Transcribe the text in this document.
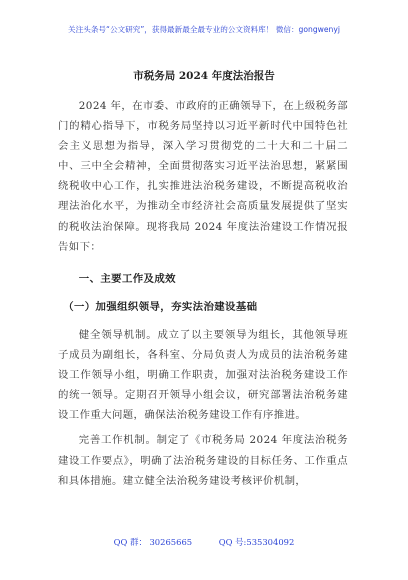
关注头条号“公文研究”，获得最新最全最专业的公文资料库！ 微信：gongwenyj
市税务局 2024 年度法治报告

2024 年，在市委、市政府的正确领导下，在上级税务部门的精心指导下，市税务局坚持以习近平新时代中国特色社会主义思想为指导，深入学习贯彻党的二十大和二十届二中、三中全会精神，全面贯彻落实习近平法治思想，紧紧围绕税收中心工作，扎实推进法治税务建设，不断提高税收治理法治化水平，为推动全市经济社会高质量发展提供了坚实的税收法治保障。现将我局 2024 年度法治建设工作情况报告如下：

一、主要工作及成效
（一）加强组织领导，夯实法治建设基础

健全领导机制。成立了以主要领导为组长，其他领导班子成员为副组长，各科室、分局负责人为成员的法治税务建设工作领导小组，明确工作职责，加强对法治税务建设工作的统一领导。定期召开领导小组会议，研究部署法治税务建设工作重大问题，确保法治税务建设工作有序推进。

完善工作机制。制定了《市税务局 2024 年度法治税务建设工作要点》，明确了法治税务建设的目标任务、工作重点和具体措施。建立健全法治税务建设考核评价机制，

QQ 群： 30265665	QQ 号:535304092
